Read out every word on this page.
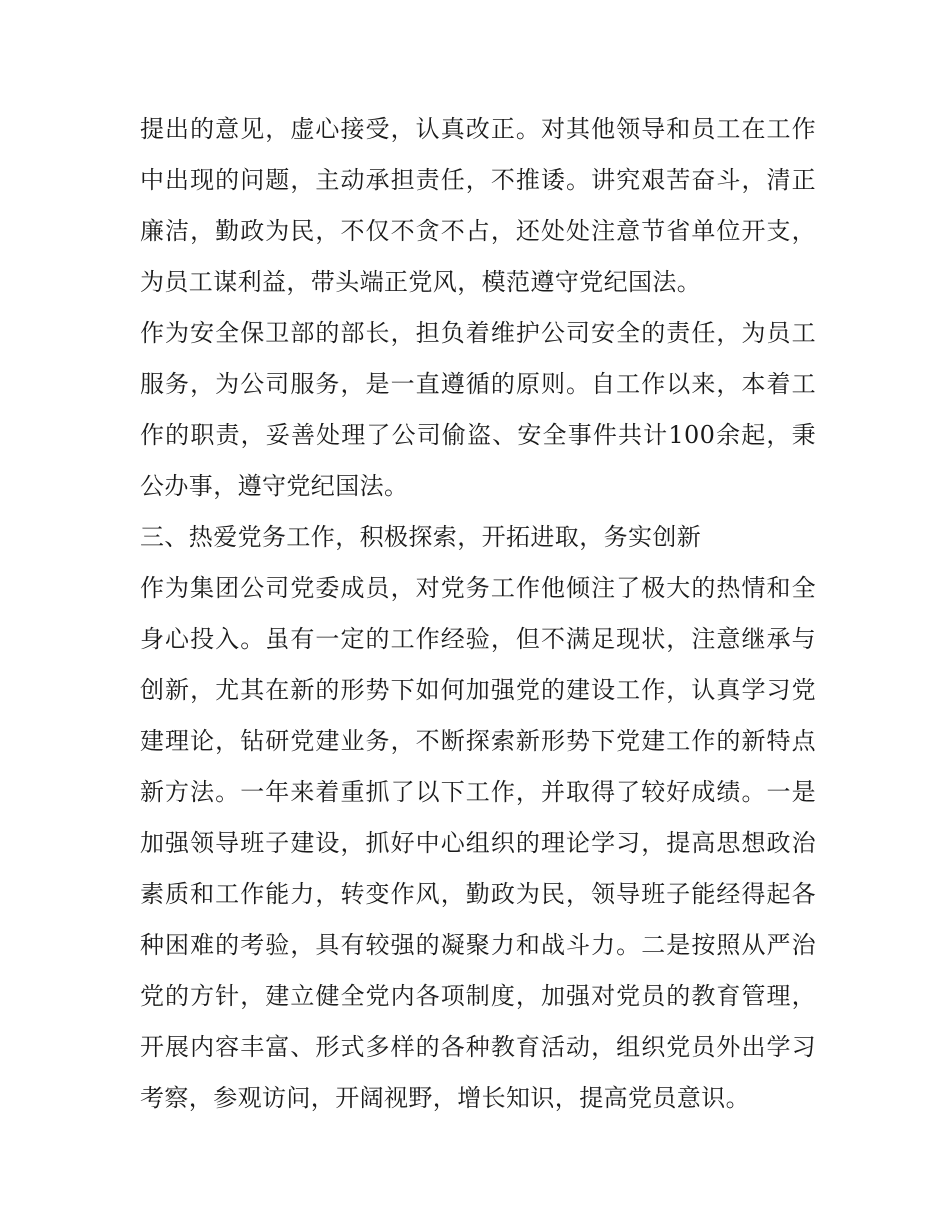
提出的意见，虚心接受，认真改正。对其他领导和员工在工作中出现的问题，主动承担责任，不推诿。讲究艰苦奋斗，清正廉洁，勤政为民，不仅不贪不占，还处处注意节省单位开支，为员工谋利益，带头端正党风，模范遵守党纪国法。

作为安全保卫部的部长，担负着维护公司安全的责任，为员工服务，为公司服务，是一直遵循的原则。自工作以来，本着工作的职责，妥善处理了公司偷盗、安全事件共计100余起，秉公办事，遵守党纪国法。

三、热爱党务工作，积极探索，开拓进取，务实创新

作为集团公司党委成员，对党务工作他倾注了极大的热情和全身心投入。虽有一定的工作经验，但不满足现状，注意继承与创新，尤其在新的形势下如何加强党的建设工作，认真学习党建理论，钻研党建业务，不断探索新形势下党建工作的新特点新方法。一年来着重抓了以下工作，并取得了较好成绩。一是加强领导班子建设，抓好中心组织的理论学习，提高思想政治素质和工作能力，转变作风，勤政为民，领导班子能经得起各种困难的考验，具有较强的凝聚力和战斗力。二是按照从严治党的方针，建立健全党内各项制度，加强对党员的教育管理，开展内容丰富、形式多样的各种教育活动，组织党员外出学习考察，参观访问，开阔视野，增长知识，提高党员意识。
